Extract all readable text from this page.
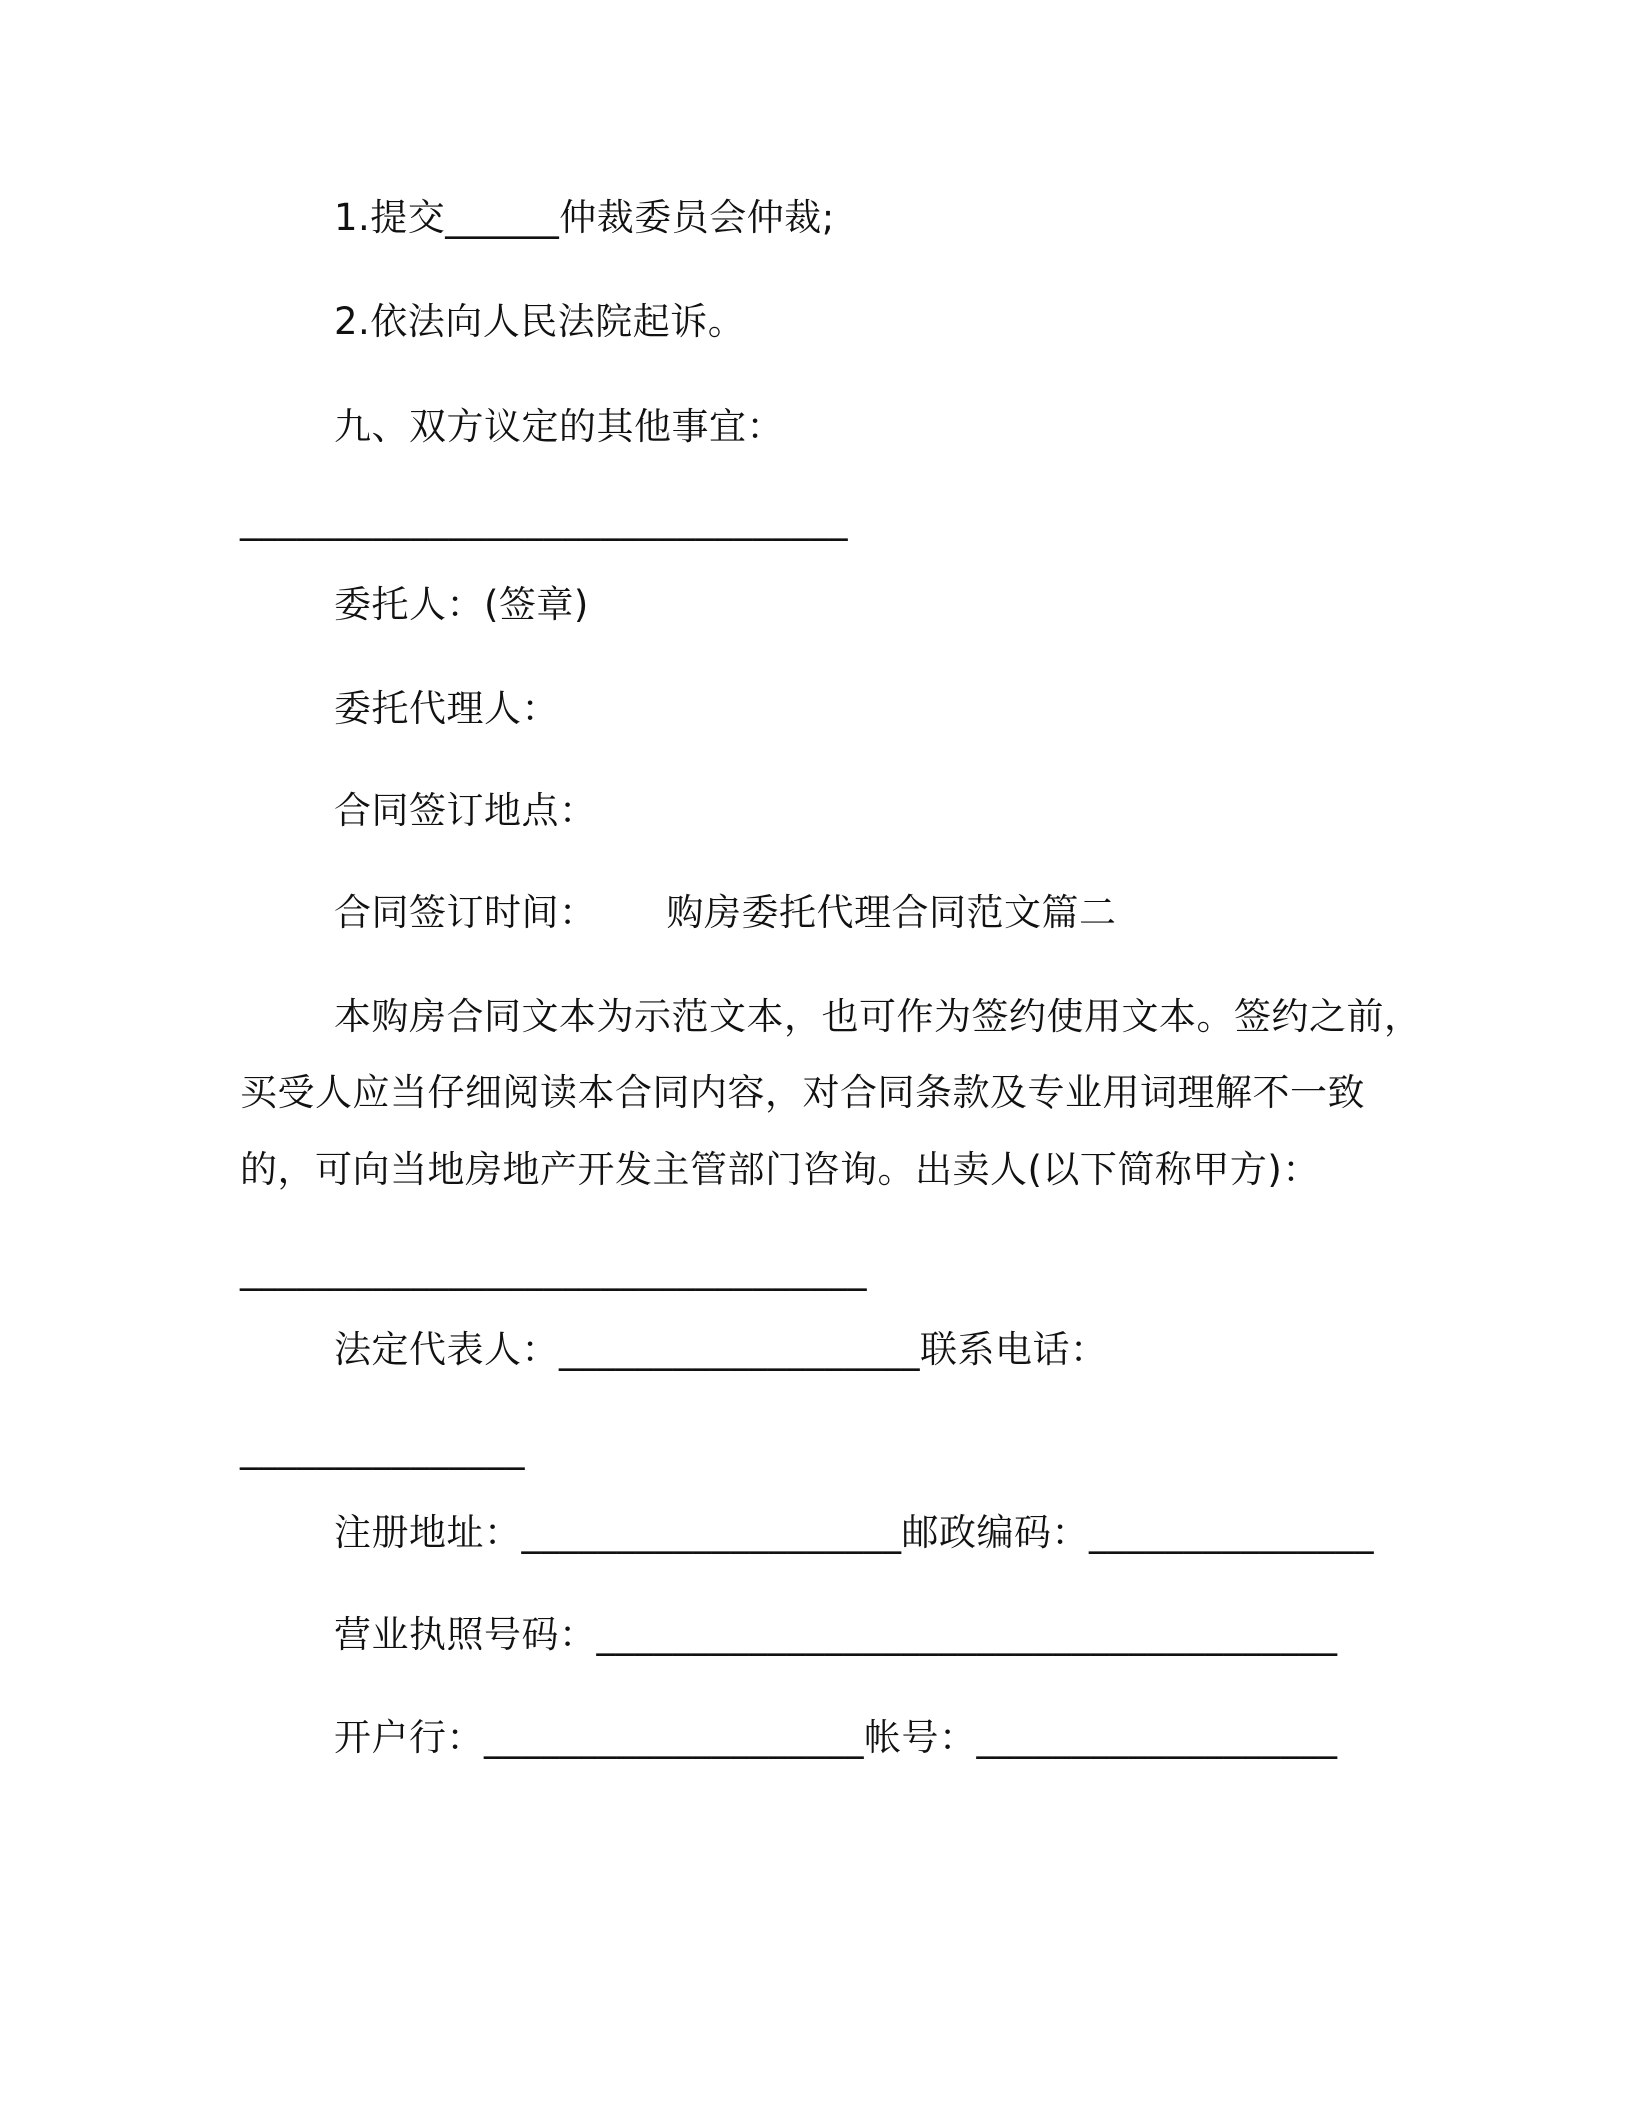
1.提交______仲裁委员会仲裁;
2.依法向人民法院起诉。
九、双方议定的其他事宜：
________________________________
委托人：(签章)
委托代理人：
合同签订地点：
合同签订时间： 购房委托代理合同范文篇二
本购房合同文本为示范文本，也可作为签约使用文本。签约之前，
买受人应当仔细阅读本合同内容，对合同条款及专业用词理解不一致
的，可向当地房地产开发主管部门咨询。出卖人(以下简称甲方)：
_________________________________
法定代表人：___________________联系电话：
_______________
注册地址：____________________邮政编码：_______________
营业执照号码：_______________________________________
开户行：____________________帐号：___________________
